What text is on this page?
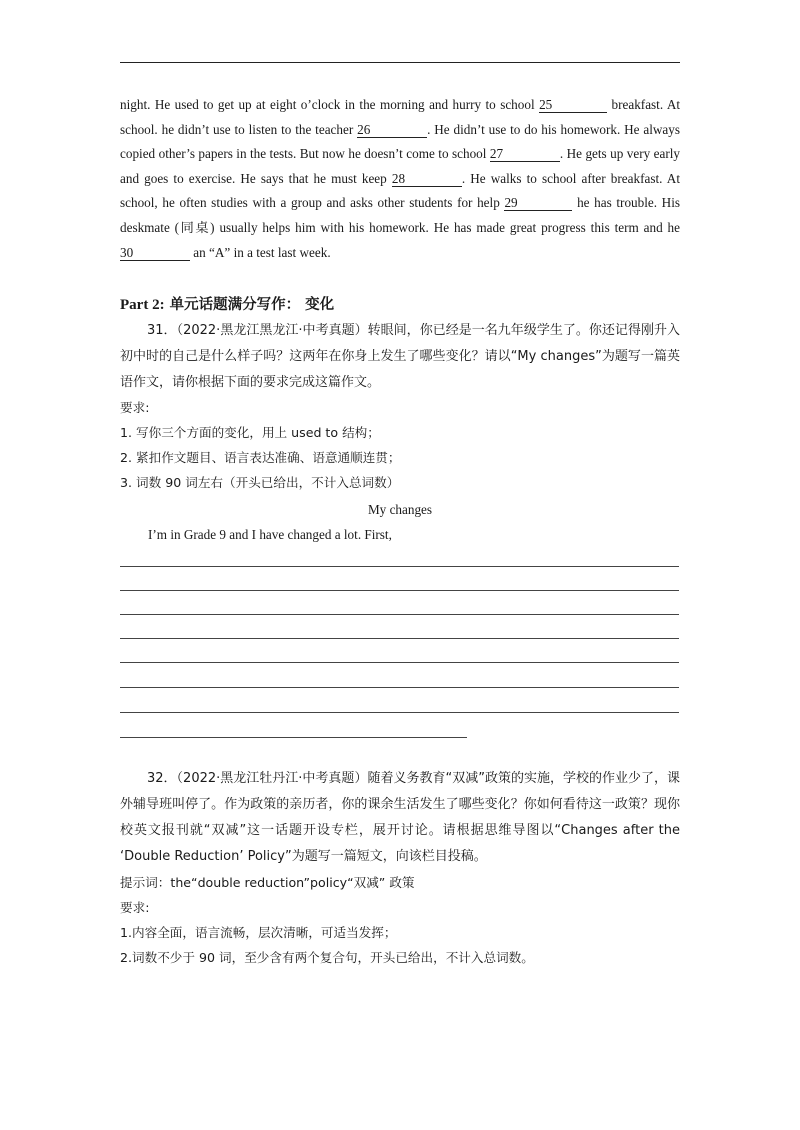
night. He used to get up at eight o’clock in the morning and hurry to school 25	breakfast. At school. he didn’t use to listen to the teacher 26	. He didn’t use to do his homework. He always copied other’s papers in the tests. But now he doesn’t come to school 27	. He gets up very early and goes to exercise. He says that he must keep 28	. He walks to school after breakfast. At school, he often studies with a group and asks other students for help 29	he has trouble. His deskmate (同桌) usually helps him with his homework. He has made great progress this term and he 30	an “A” in a test last week.
Part 2: 单元话题满分写作： 变化
31．（2022·黑龙江黑龙江·中考真题）转眼间，你已经是一名九年级学生了。你还记得刚升入初中时的自己是什么样子吗？这两年在你身上发生了哪些变化？请以“My changes”为题写一篇英语作文，请你根据下面的要求完成这篇作文。
要求:
1. 写你三个方面的变化，用上 used to 结构；
2. 紧扣作文题目、语言表达准确、语意通顺连贯；
3. 词数 90 词左右（开头已给出，不计入总词数）
My changes
I’m in Grade 9 and I have changed a lot. First,
32．（2022·黑龙江牡丹江·中考真题）随着义务教育“双减”政策的实施，学校的作业少了，课外辅导班叫停了。作为政策的亲历者，你的课余生活发生了哪些变化？你如何看待这一政策？现你校英文报刊就“双减”这一话题开设专栏，展开讨论。请根据思维导图以“Changes after the ‘Double Reduction’ Policy”为题写一篇短文，向该栏目投稿。
提示词：the“double reduction”policy“双减” 政策
要求:
1.内容全面，语言流畅，层次清晰，可适当发挥；
2.词数不少于 90 词，至少含有两个复合句，开头已给出，不计入总词数。
